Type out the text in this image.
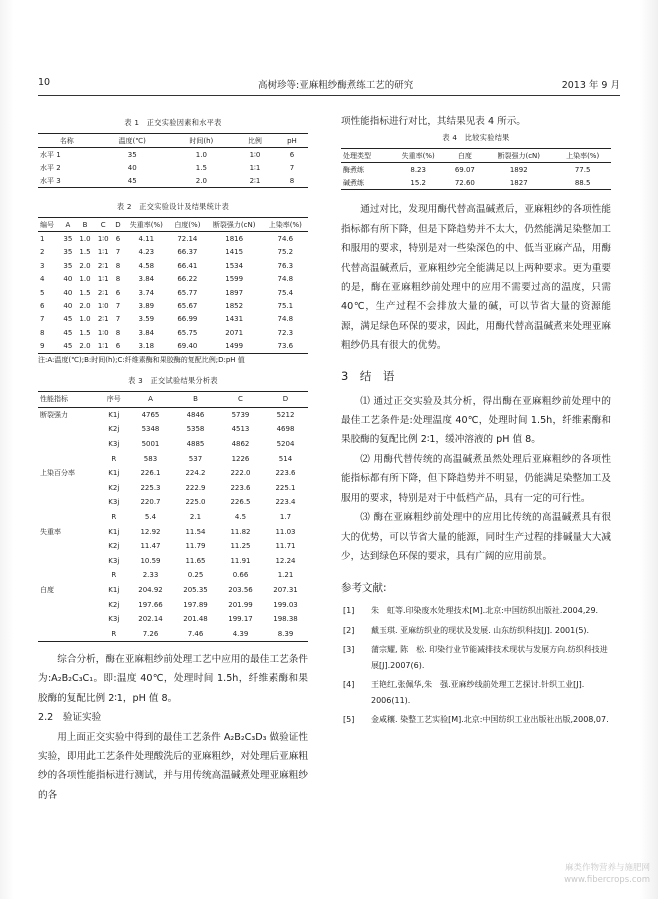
10	高树珍等:亚麻粗纱酶煮练工艺的研究	2013 年 9 月
表 1　正交实验因素和水平表
名称	温度(℃)	时间(h)	比例	pH
水平 1	35	1.0	1∶0	6
水平 2	40	1.5	1∶1	7
水平 3	45	2.0	2∶1	8
表 2　正交实验设计及结果统计表
编号	A	B	C	D	失重率(%)	白度(%)	断裂强力(cN)	上染率(%)
1	35	1.0	1∶0	6	4.11	72.14	1816	74.6
2	35	1.5	1∶1	7	4.23	66.37	1415	75.2
3	35	2.0	2∶1	8	4.58	66.41	1534	76.3
4	40	1.0	1∶1	8	3.84	66.22	1599	74.8
5	40	1.5	2∶1	6	3.74	65.77	1897	75.4
6	40	2.0	1∶0	7	3.89	65.67	1852	75.1
7	45	1.0	2∶1	7	3.59	66.99	1431	74.8
8	45	1.5	1∶0	8	3.84	65.75	2071	72.3
9	45	2.0	1∶1	6	3.18	69.40	1499	73.6
注:A:温度(℃);B:时间(h);C:纤维素酶和果胶酶的复配比例;D:pH 值
表 3　正交试验结果分析表
性能指标	序号	A	B	C	D
断裂强力	K1j	4765	4846	5739	5212
	K2j	5348	5358	4513	4698
	K3j	5001	4885	4862	5204
	R	583	537	1226	514
上染百分率	K1j	226.1	224.2	222.0	223.6
	K2j	225.3	222.9	223.6	225.1
	K3j	220.7	225.0	226.5	223.4
	R	5.4	2.1	4.5	1.7
失重率	K1j	12.92	11.54	11.82	11.03
	K2j	11.47	11.79	11.25	11.71
	K3j	10.59	11.65	11.91	12.24
	R	2.33	0.25	0.66	1.21
白度	K1j	204.92	205.35	203.56	207.31
	K2j	197.66	197.89	201.99	199.03
	K3j	202.14	201.48	199.17	198.38
	R	7.26	7.46	4.39	8.39

综合分析，酶在亚麻粗纱前处理工艺中应用的最佳工艺条件为:A₂B₂C₃C₁。即:温度 40℃，处理时间 1.5h，纤维素酶和果胶酶的复配比例 2∶1，pH 值 8。

2.2　验证实验

用上面正交实验中得到的最佳工艺条件 A₂B₂C₃D₃ 做验证性实验，即用此工艺条件处理酸洗后的亚麻粗纱，对处理后亚麻粗纱的各项性能指标进行测试，并与用传统高温碱煮处理亚麻粗纱的各

项性能指标进行对比，其结果见表 4 所示。

表 4　比较实验结果
处理类型	失重率(%)	白度	断裂强力(cN)	上染率(%)
酶煮练	8.23	69.07	1892	77.5
碱煮练	15.2	72.60	1827	88.5

通过对比，发现用酶代替高温碱煮后，亚麻粗纱的各项性能指标都有所下降，但是下降趋势并不太大，仍然能满足染整加工和服用的要求，特别是对一些染深色的中、低当亚麻产品，用酶代替高温碱煮后，亚麻粗纱完全能满足以上两种要求。更为重要的是，酶在亚麻粗纱前处理中的应用不需要过高的温度，只需 40℃，生产过程不会排放大量的碱，可以节省大量的资源能源，满足绿色环保的要求，因此，用酶代替高温碱煮来处理亚麻粗纱仍具有很大的优势。

3　结　语

⑴ 通过正交实验及其分析，得出酶在亚麻粗纱前处理中的最佳工艺条件是:处理温度 40℃，处理时间 1.5h，纤维素酶和果胶酶的复配比例 2∶1，缓冲溶液的 pH 值 8。

⑵ 用酶代替传统的高温碱煮虽然处理后亚麻粗纱的各项性能指标都有所下降，但下降趋势并不明显，仍能满足染整加工及服用的要求，特别是对于中低档产品，具有一定的可行性。

⑶ 酶在亚麻粗纱前处理中的应用比传统的高温碱煮具有很大的优势，可以节省大量的能源，同时生产过程的排碱量大大减少，达到绿色环保的要求，具有广阔的应用前景。

参考文献:
[1] 朱　虹等.印染废水处理技术[M].北京:中国纺织出版社.2004,29.
[2] 戴玉琪. 亚麻纺织业的现状及发展. 山东纺织科技[J]. 2001(5).
[3] 蒲宗耀, 陈　松. 印染行业节能减排技术现状与发展方向.纺织科技进展[J].2007(6).
[4] 王艳红,张佩华,朱　强.亚麻纱线前处理工艺探讨.针织工业[J]. 2006(11).
[5] 金咸穰. 染整工艺实验[M].北京:中国纺织工业出版社出版,2008,07.
麻类作物营养与施肥网
www.fibercrops.com
